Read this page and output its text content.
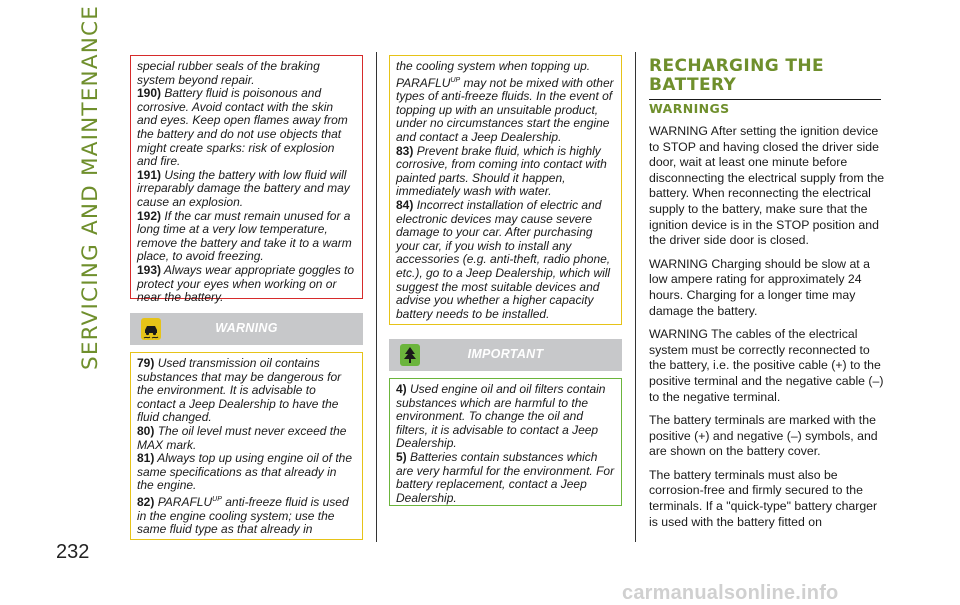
SERVICING AND MAINTENANCE
232

special rubber seals of the braking system beyond repair.

190) Battery fluid is poisonous and corrosive. Avoid contact with the skin and eyes. Keep open flames away from the battery and do not use objects that might create sparks: risk of explosion and fire.

191) Using the battery with low fluid will irreparably damage the battery and may cause an explosion.

192) If the car must remain unused for a long time at a very low temperature, remove the battery and take it to a warm place, to avoid freezing.

193) Always wear appropriate goggles to protect your eyes when working on or near the battery.

WARNING

79) Used transmission oil contains substances that may be dangerous for the environment. It is advisable to contact a Jeep Dealership to have the fluid changed.

80) The oil level must never exceed the MAX mark.

81) Always top up using engine oil of the same specifications as that already in the engine.

82) $PARAFLU^{UP}$ anti-freeze fluid is used in the engine cooling system; use the same fluid type as that already in

the cooling system when topping up. $PARAFLU^{UP}$ may not be mixed with other types of anti-freeze fluids. In the event of topping up with an unsuitable product, under no circumstances start the engine and contact a Jeep Dealership.

83) Prevent brake fluid, which is highly corrosive, from coming into contact with painted parts. Should it happen, immediately wash with water.

84) Incorrect installation of electric and electronic devices may cause severe damage to your car. After purchasing your car, if you wish to install any accessories (e.g. anti-theft, radio phone, etc.), go to a Jeep Dealership, which will suggest the most suitable devices and advise you whether a higher capacity battery needs to be installed.

IMPORTANT

4) Used engine oil and oil filters contain substances which are harmful to the environment. To change the oil and filters, it is advisable to contact a Jeep Dealership.

5) Batteries contain substances which are very harmful for the environment. For battery replacement, contact a Jeep Dealership.

RECHARGING THE
BATTERY
WARNINGS

WARNING After setting the ignition device to STOP and having closed the driver side door, wait at least one minute before disconnecting the electrical supply from the battery. When reconnecting the electrical supply to the battery, make sure that the ignition device is in the STOP position and the driver side door is closed.

WARNING Charging should be slow at a low ampere rating for approximately 24 hours. Charging for a longer time may damage the battery.

WARNING The cables of the electrical system must be correctly reconnected to the battery, i.e. the positive cable (+) to the positive terminal and the negative cable (–) to the negative terminal.

The battery terminals are marked with the positive (+) and negative (–) symbols, and are shown on the battery cover.

The battery terminals must also be corrosion-free and firmly secured to the terminals. If a "quick-type" battery charger is used with the battery fitted on

carmanualsonline.info
